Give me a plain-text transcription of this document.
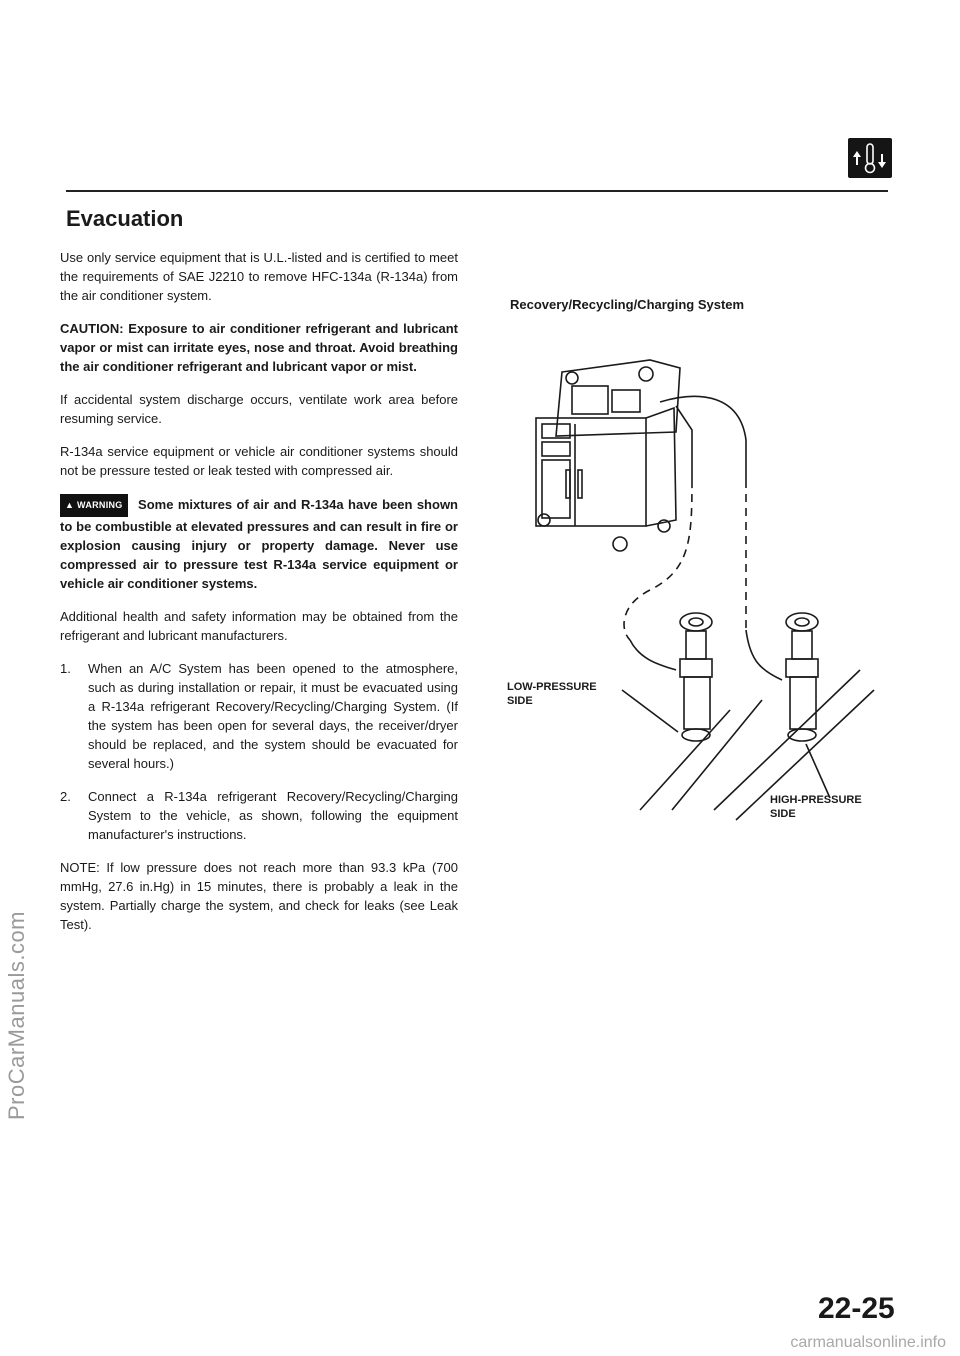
ProCarManuals.com
Evacuation

Use only service equipment that is U.L.-listed and is certified to meet the requirements of SAE J2210 to remove HFC-134a (R-134a) from the air conditioner system.

CAUTION: Exposure to air conditioner refrigerant and lubricant vapor or mist can irritate eyes, nose and throat. Avoid breathing the air conditioner refrigerant and lubricant vapor or mist.

If accidental system discharge occurs, ventilate work area before resuming service.

R-134a service equipment or vehicle air conditioner systems should not be pressure tested or leak tested with compressed air.

▲ WARNING Some mixtures of air and R-134a have been shown to be combustible at elevated pressures and can result in fire or explosion causing injury or property damage. Never use compressed air to pressure test R-134a service equipment or vehicle air conditioner systems.

Additional health and safety information may be obtained from the refrigerant and lubricant manufacturers.

1.	When an A/C System has been opened to the atmosphere, such as during installation or repair, it must be evacuated using a R-134a refrigerant Recovery/Recycling/Charging System. (If the system has been open for several days, the receiver/dryer should be replaced, and the system should be evacuated for several hours.)
2.	Connect a R-134a refrigerant Recovery/Recycling/Charging System to the vehicle, as shown, following the equipment manufacturer's instructions.

NOTE: If low pressure does not reach more than 93.3 kPa (700 mmHg, 27.6 in.Hg) in 15 minutes, there is probably a leak in the system. Partially charge the system, and check for leaks (see Leak Test).

Recovery/Recycling/Charging System
LOW-PRESSURE
SIDE
HIGH-PRESSURE
SIDE
22-25
carmanualsonline.info
